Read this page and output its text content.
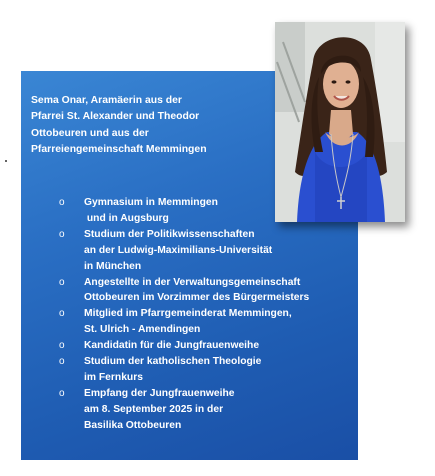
Sema Onar, Aramäerin aus der
Pfarrei St. Alexander und Theodor
Ottobeuren und aus der
Pfarreiengemeinschaft Memmingen
o Gymnasium in Memmingen
und in Augsburg
o Studium der Politikwissenschaften
an der Ludwig-Maximilians-Universität
in München
o Angestellte in der Verwaltungsgemeinschaft
Ottobeuren im Vorzimmer des Bürgermeisters
o Mitglied im Pfarrgemeinderat Memmingen,
St. Ulrich - Amendingen
o Kandidatin für die Jungfrauenweihe
o Studium der katholischen Theologie
im Fernkurs
o Empfang der Jungfrauenweihe
am 8. September 2025 in der
Basilika Ottobeuren
